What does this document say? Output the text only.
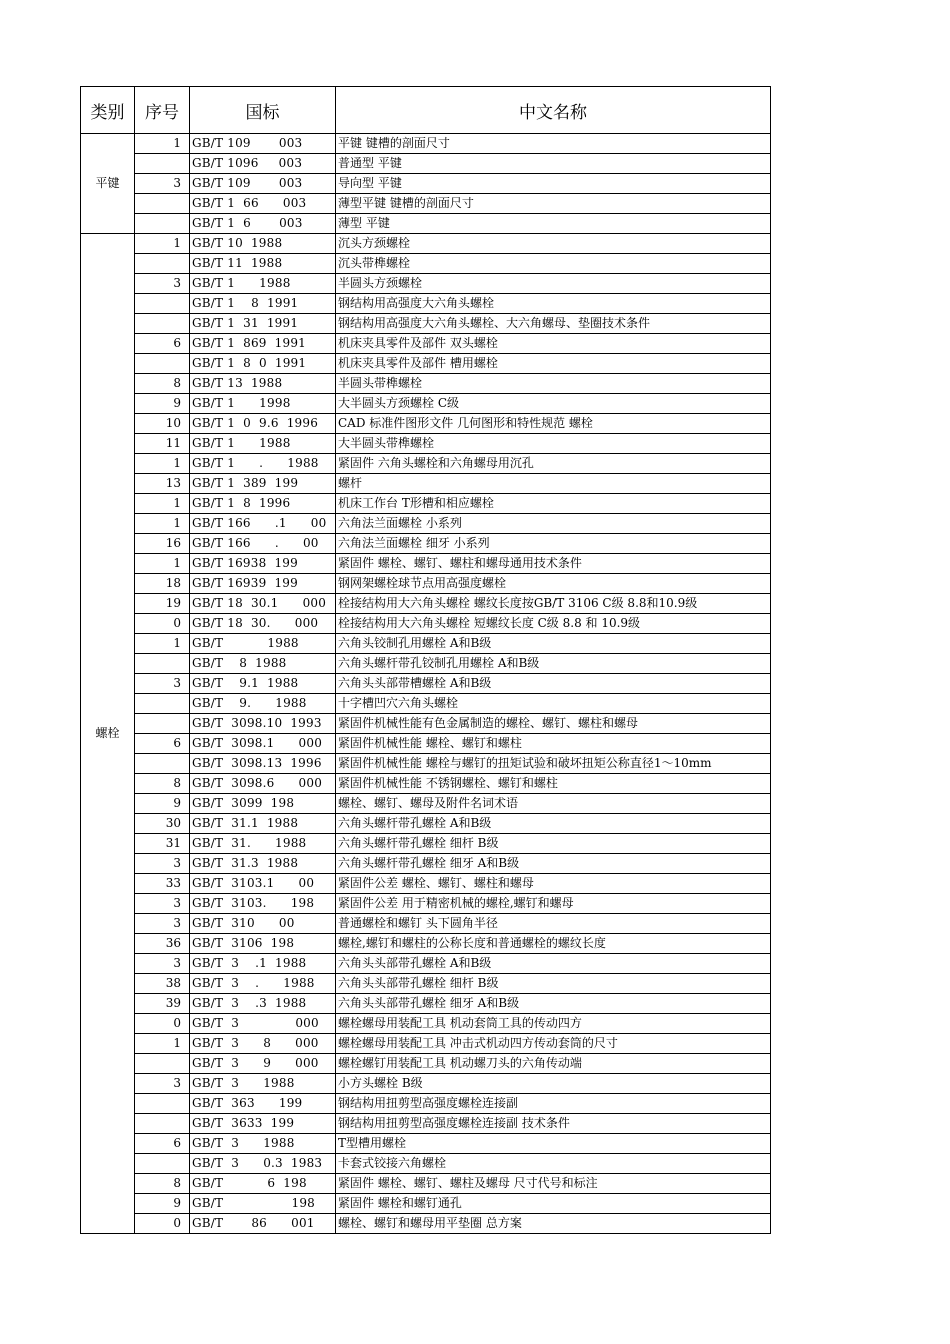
类别	序号	国标	中文名称
平键	1	GB/T 109       003	平键 键槽的剖面尺寸
		GB/T 1096     003	普通型 平键
	3	GB/T 109       003	导向型 平键
		GB/T 1  66      003	薄型平键 键槽的剖面尺寸
		GB/T 1  6       003	薄型 平键
螺栓	1	GB/T 10  1988	沉头方颈螺栓
		GB/T 11  1988	沉头带榫螺栓
	3	GB/T 1      1988	半圆头方颈螺栓
		GB/T 1    8  1991	钢结构用高强度大六角头螺栓
		GB/T 1  31  1991	钢结构用高强度大六角头螺栓、大六角螺母、垫圈技术条件
	6	GB/T 1  869  1991	机床夹具零件及部件 双头螺栓
		GB/T 1  8  0  1991	机床夹具零件及部件 槽用螺栓
	8	GB/T 13  1988	半圆头带榫螺栓
	9	GB/T 1      1998	大半圆头方颈螺栓 C级
	10	GB/T 1  0  9.6  1996	CAD 标准件图形文件 几何图形和特性规范 螺栓
	11	GB/T 1      1988	大半圆头带榫螺栓
	1	GB/T 1      .      1988	紧固件 六角头螺栓和六角螺母用沉孔
	13	GB/T 1  389  199	螺杆
	1	GB/T 1  8  1996	机床工作台 T形槽和相应螺栓
	1	GB/T 166      .1      00	六角法兰面螺栓 小系列
	16	GB/T 166      .      00	六角法兰面螺栓 细牙 小系列
	1	GB/T 16938  199	紧固件 螺栓、螺钉、螺柱和螺母通用技术条件
	18	GB/T 16939  199	钢网架螺栓球节点用高强度螺栓
	19	GB/T 18  30.1      000	栓接结构用大六角头螺栓 螺纹长度按GB/T 3106 C级 8.8和10.9级
	0	GB/T 18  30.      000	栓接结构用大六角头螺栓 短螺纹长度 C级 8.8 和 10.9级
	1	GB/T           1988	六角头铰制孔用螺栓 A和B级
		GB/T    8  1988	六角头螺杆带孔铰制孔用螺栓 A和B级
	3	GB/T    9.1  1988	六角头头部带槽螺栓 A和B级
		GB/T    9.      1988	十字槽凹穴六角头螺栓
		GB/T  3098.10  1993	紧固件机械性能有色金属制造的螺栓、螺钉、螺柱和螺母
	6	GB/T  3098.1      000	紧固件机械性能 螺栓、螺钉和螺柱
		GB/T  3098.13  1996	紧固件机械性能 螺栓与螺钉的扭矩试验和破坏扭矩公称直径1～10mm
	8	GB/T  3098.6      000	紧固件机械性能 不锈钢螺栓、螺钉和螺柱
	9	GB/T  3099  198	螺栓、螺钉、螺母及附件名词术语
	30	GB/T  31.1  1988	六角头螺杆带孔螺栓 A和B级
	31	GB/T  31.      1988	六角头螺杆带孔螺栓 细杆 B级
	3	GB/T  31.3  1988	六角头螺杆带孔螺栓 细牙 A和B级
	33	GB/T  3103.1      00	紧固件公差 螺栓、螺钉、螺柱和螺母
	3	GB/T  3103.      198	紧固件公差 用于精密机械的螺栓,螺钉和螺母
	3	GB/T  310      00	普通螺栓和螺钉 头下圆角半径
	36	GB/T  3106  198	螺栓,螺钉和螺柱的公称长度和普通螺栓的螺纹长度
	3	GB/T  3    .1  1988	六角头头部带孔螺栓 A和B级
	38	GB/T  3    .      1988	六角头头部带孔螺栓 细杆 B级
	39	GB/T  3    .3  1988	六角头头部带孔螺栓 细牙 A和B级
	0	GB/T  3              000	螺栓螺母用装配工具 机动套筒工具的传动四方
	1	GB/T  3      8      000	螺栓螺母用装配工具 冲击式机动四方传动套筒的尺寸
		GB/T  3      9      000	螺栓螺钉用装配工具 机动螺刀头的六角传动端
	3	GB/T  3      1988	小方头螺栓 B级
		GB/T  363      199	钢结构用扭剪型高强度螺栓连接副
		GB/T  3633  199	钢结构用扭剪型高强度螺栓连接副 技术条件
	6	GB/T  3      1988	T型槽用螺栓
		GB/T  3      0.3  1983	卡套式铰接六角螺栓
	8	GB/T           6  198	紧固件 螺栓、螺钉、螺柱及螺母 尺寸代号和标注
	9	GB/T                 198	紧固件 螺栓和螺钉通孔
	0	GB/T       86      001	螺栓、螺钉和螺母用平垫圈 总方案
